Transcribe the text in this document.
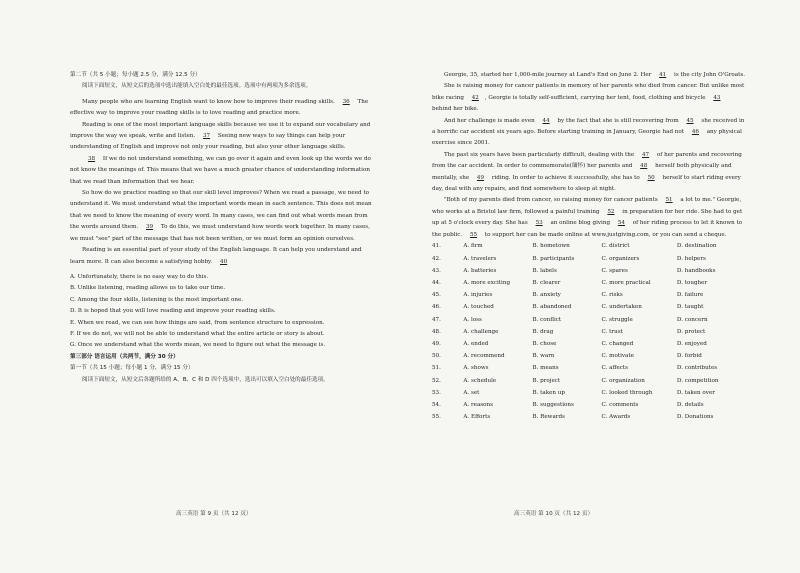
第二节（共 5 小题；每小题 2.5 分，满分 12.5 分）

阅读下面短文，从短文后的选项中选出能填入空白处的最佳选项。选项中有两项为多余选项。

Many people who are learning English want to know how to improve their reading skills. 36 The effective way to improve your reading skills is to love reading and practice more.

Reading is one of the most important language skills because we use it to expand our vocabulary and improve the way we speak, write and listen. 37 Seeing new ways to say things can help your understanding of English and improve not only your reading, but also your other language skills.

38 If we do not understand something, we can go over it again and even look up the words we do not know the meanings of. This means that we have a much greater chance of understanding information that we read than information that we hear.

So how do we practice reading so that our skill level improves? When we read a passage, we need to understand it. We must understand what the important words mean in each sentence. This does not mean that we need to know the meaning of every word. In many cases, we can find out what words mean from the words around them. 39 To do this, we must understand how words work together. In many cases, we must "see" part of the message that has not been written, or we must form an opinion ourselves.

Reading is an essential part of your study of the English language. It can help you understand and learn more. It can also become a satisfying hobby. 40

A. Unfortunately, there is no easy way to do this.

B. Unlike listening, reading allows us to take our time.

C. Among the four skills, listening is the most important one.

D. It is hoped that you will love reading and improve your reading skills.

E. When we read, we can see how things are said, from sentence structure to expression.

F. If we do not, we will not be able to understand what the entire article or story is about.

G. Once we understand what the words mean, we need to figure out what the message is.

第三部分 语言运用（共两节，满分 30 分）

第一节（共 15 小题；每小题 1 分，满分 15 分）

阅读下面短文，从短文后各题所给的 A、B、C 和 D 四个选项中，选出可以填入空白处的最佳选项。

Georgie, 35, started her 1,000-mile journey at Land's End on June 2. Her 41 is the city John O'Groats.

She is raising money for cancer patients in memory of her parents who died from cancer. But unlike most bike racing 42 , Georgie is totally self-sufficient, carrying her tent, food, clothing and bicycle 43 behind her bike.

And her challenge is made even 44 by the fact that she is still recovering from 45 she received in a horrific car accident six years ago. Before starting training in January, Georgie had not 46 any physical exercise since 2001.

The past six years have been particularly difficult, dealing with the 47 of her parents and recovering from the car accident. In order to commemorate(缅怀) her parents and 48 herself both physically and mentally, she 49 riding. In order to achieve it successfully, she has to 50 herself to start riding every day, deal with any repairs, and find somewhere to sleep at night.

"Both of my parents died from cancer, so raising money for cancer patients 51 a lot to me." Georgie, who works at a Bristol law firm, followed a painful training 52 in preparation for her ride. She had to get up at 5 o'clock every day. She has 53 an online blog giving 54 of her riding process to let it known to the public. 55 to support her can be made online at www.justgiving.com, or you can send a cheque.

41.	A. firm	B. hometown	C. district	D. destination
42.	A. travelers	B. participants	C. organizers	D. helpers
43.	A. batteries	B. labels	C. spares	D. handbooks
44.	A. more exciting	B. clearer	C. more practical	D. tougher
45.	A. injuries	B. anxiety	C. risks	D. failure
46.	A. touched	B. abandoned	C. undertaken	D. taught
47.	A. loss	B. conflict	C. struggle	D. concern
48.	A. challenge	B. drag	C. trust	D. protect
49.	A. ended	B. chose	C. changed	D. enjoyed
50.	A. recommend	B. warn	C. motivate	D. forbid
51.	A. shows	B. means	C. affects	D. contributes
52.	A. schedule	B. project	C. organization	D. competition
53.	A. set	B. taken up	C. looked through	D. taken over
54.	A. reasons	B. suggestions	C. comments	D. details
55.	A. Efforts	B. Rewards	C. Awards	D. Donations
高三英语 第 9 页（共 12 页）	高三英语 第 10 页（共 12 页）
